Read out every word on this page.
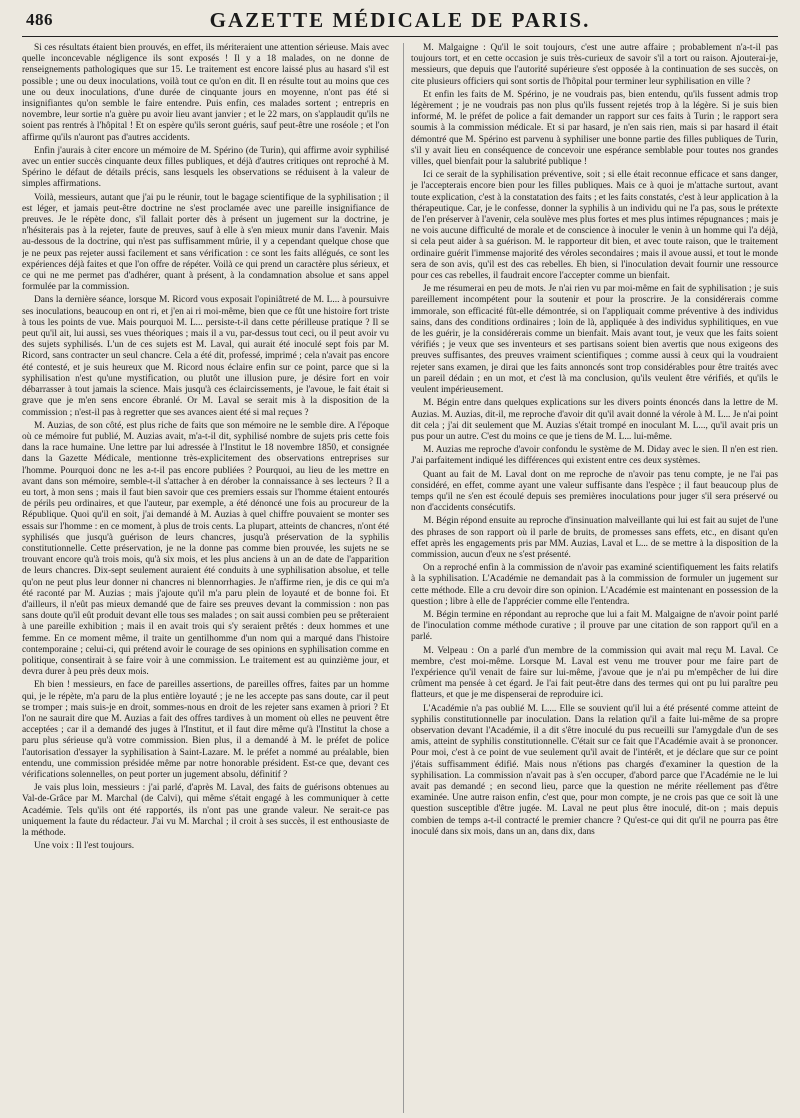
486	GAZETTE MÉDICALE DE PARIS.

Si ces résultats étaient bien prouvés, en effet, ils mériteraient une attention sérieuse. Mais avec quelle inconcevable négligence ils sont exposés ! Il y a 18 malades, on ne donne de renseignements pathologiques que sur 15. Le traitement est encore laissé plus au hasard s'il est possible ; une ou deux inoculations, voilà tout ce qu'on en dit. Il en résulte tout au moins que ces une ou deux inoculations, d'une durée de cinquante jours en moyenne, n'ont pas été si insignifiantes qu'on semble le faire entendre. Puis enfin, ces malades sortent ; entrepris en novembre, leur sortie n'a guère pu avoir lieu avant janvier ; et le 22 mars, on s'applaudit qu'ils ne soient pas rentrés à l'hôpital ! Et on espère qu'ils seront guéris, sauf peut-être une roséole ; et l'on affirme qu'ils n'auront pas d'autres accidents.

Enfin j'aurais à citer encore un mémoire de M. Spérino (de Turin), qui affirme avoir syphilisé avec un entier succès cinquante deux filles publiques, et déjà d'autres critiques ont reproché à M. Spérino le défaut de détails précis, sans lesquels les observations se réduisent à la valeur de simples affirmations.

Voilà, messieurs, autant que j'ai pu le réunir, tout le bagage scientifique de la syphilisation ; il est léger, et jamais peut-être doctrine ne s'est proclamée avec une pareille insignifiance de preuves. Je le répète donc, s'il fallait porter dès à présent un jugement sur la doctrine, je n'hésiterais pas à la rejeter, faute de preuves, sauf à elle à s'en mieux munir dans l'avenir. Mais au-dessous de la doctrine, qui n'est pas suffisamment mûrie, il y a cependant quelque chose que je ne peux pas rejeter aussi facilement et sans vérification : ce sont les faits allégués, ce sont les expériences déjà faites et que l'on offre de répéter. Voilà ce qui prend un caractère plus sérieux, et ce qui ne me permet pas d'adhérer, quant à présent, à la condamnation absolue et sans appel formulée par la commission.

Dans la dernière séance, lorsque M. Ricord vous exposait l'opiniâtreté de M. L... à poursuivre ses inoculations, beaucoup en ont ri, et j'en ai ri moi-même, bien que ce fût une histoire fort triste à tous les points de vue. Mais pourquoi M. L... persiste-t-il dans cette périlleuse pratique ? Il se peut qu'il ait, lui aussi, ses vues théoriques ; mais il a vu, par-dessus tout ceci, ou il peut avoir vu des sujets syphilisés. L'un de ces sujets est M. Laval, qui aurait été inoculé sept fois par M. Ricord, sans contracter un seul chancre. Cela a été dit, professé, imprimé ; cela n'avait pas encore été contesté, et je suis heureux que M. Ricord nous éclaire enfin sur ce point, parce que si la syphilisation n'est qu'une mystification, ou plutôt une illusion pure, je désire fort en voir débarrasser à tout jamais la science. Mais jusqu'à ces éclaircissements, je l'avoue, le fait était si grave que je m'en sens encore ébranlé. Or M. Laval se serait mis à la disposition de la commission ; n'est-il pas à regretter que ses avances aient été si mal reçues ?

M. Auzias, de son côté, est plus riche de faits que son mémoire ne le semble dire. A l'époque où ce mémoire fut publié, M. Auzias avait, m'a-t-il dit, syphilisé nombre de sujets pris cette fois dans la race humaine. Une lettre par lui adressée à l'Institut le 18 novembre 1850, et consignée dans la Gazette Médicale, mentionne très-explicitement des observations entreprises sur l'homme. Pourquoi donc ne les a-t-il pas encore publiées ? Pourquoi, au lieu de les mettre en avant dans son mémoire, semble-t-il s'attacher à en dérober la connaissance à ses lecteurs ? Il a eu tort, à mon sens ; mais il faut bien savoir que ces premiers essais sur l'homme étaient entourés de périls peu ordinaires, et que l'auteur, par exemple, a été dénoncé une fois au procureur de la République. Quoi qu'il en soit, j'ai demandé à M. Auzias à quel chiffre pouvaient se monter ses essais sur l'homme : en ce moment, à plus de trois cents. La plupart, atteints de chancres, n'ont été syphilisés que jusqu'à guérison de leurs chancres, jusqu'à préservation de la syphilis constitutionnelle. Cette préservation, je ne la donne pas comme bien prouvée, les sujets ne se trouvant encore qu'à trois mois, qu'à six mois, et les plus anciens à un an de date de l'apparition de leurs chancres. Dix-sept seulement auraient été conduits à une syphilisation absolue, et telle qu'on ne peut plus leur donner ni chancres ni blennorrhagies. Je n'affirme rien, je dis ce qui m'a été raconté par M. Auzias ; mais j'ajoute qu'il m'a paru plein de loyauté et de bonne foi. Et d'ailleurs, il n'eût pas mieux demandé que de faire ses preuves devant la commission : non pas sans doute qu'il eût produit devant elle tous ses malades ; on sait aussi combien peu se prêteraient à une pareille exhibition ; mais il en avait trois qui s'y seraient prêtés : deux hommes et une femme. En ce moment même, il traite un gentilhomme d'un nom qui a marqué dans l'histoire contemporaine ; celui-ci, qui prétend avoir le courage de ses opinions en syphilisation comme en politique, consentirait à se faire voir à une commission. Le traitement est au quinzième jour, et devra durer à peu près deux mois.

Eh bien ! messieurs, en face de pareilles assertions, de pareilles offres, faites par un homme qui, je le répète, m'a paru de la plus entière loyauté ; je ne les accepte pas sans doute, car il peut se tromper ; mais suis-je en droit, sommes-nous en droit de les rejeter sans examen à priori ? Et l'on ne saurait dire que M. Auzias a fait des offres tardives à un moment où elles ne peuvent être acceptées ; car il a demandé des juges à l'Institut, et il faut dire même qu'à l'Institut la chose a paru plus sérieuse qu'à votre commission. Bien plus, il a demandé à M. le préfet de police l'autorisation d'essayer la syphilisation à Saint-Lazare. M. le préfet a nommé au préalable, bien entendu, une commission présidée même par notre honorable président. Est-ce que, devant ces vérifications solennelles, on peut porter un jugement absolu, définitif ?

Je vais plus loin, messieurs : j'ai parlé, d'après M. Laval, des faits de guérisons obtenues au Val-de-Grâce par M. Marchal (de Calvi), qui même s'était engagé à les communiquer à cette Académie. Tels qu'ils ont été rapportés, ils n'ont pas une grande valeur. Ne serait-ce pas uniquement la faute du rédacteur. J'ai vu M. Marchal ; il croit à ses succès, il est enthousiaste de la méthode.

Une voix : Il l'est toujours.

M. Malgaigne : Qu'il le soit toujours, c'est une autre affaire ; probablement n'a-t-il pas toujours tort, et en cette occasion je suis très-curieux de savoir s'il a tort ou raison. Ajouterai-je, messieurs, que depuis que l'autorité supérieure s'est opposée à la continuation de ses succès, on cite plusieurs officiers qui sont sortis de l'hôpital pour terminer leur syphilisation en ville ?

Et enfin les faits de M. Spérino, je ne voudrais pas, bien entendu, qu'ils fussent admis trop légèrement ; je ne voudrais pas non plus qu'ils fussent rejetés trop à la légère. Si je suis bien informé, M. le préfet de police a fait demander un rapport sur ces faits à Turin ; le rapport sera soumis à la commission médicale. Et si par hasard, je n'en sais rien, mais si par hasard il était démontré que M. Spérino est parvenu à syphiliser une bonne partie des filles publiques de Turin, s'il y avait lieu en conséquence de concevoir une espérance semblable pour toutes nos grandes villes, quel bienfait pour la salubrité publique !

Ici ce serait de la syphilisation préventive, soit ; si elle était reconnue efficace et sans danger, je l'accepterais encore bien pour les filles publiques. Mais ce à quoi je m'attache surtout, avant toute explication, c'est à la constatation des faits ; et les faits constatés, c'est à leur application à la thérapeutique. Car, je le confesse, donner la syphilis à un individu qui ne l'a pas, sous le prétexte de l'en préserver à l'avenir, cela soulève mes plus fortes et mes plus intimes répugnances ; mais je ne vois aucune difficulté de morale et de conscience à inoculer le venin à un homme qui l'a déjà, si cela peut aider à sa guérison. M. le rapporteur dit bien, et avec toute raison, que le traitement ordinaire guérit l'immense majorité des véroles secondaires ; mais il avoue aussi, et tout le monde sera de son avis, qu'il est des cas rebelles. Eh bien, si l'inoculation devait fournir une ressource pour ces cas rebelles, il faudrait encore l'accepter comme un bienfait.

Je me résumerai en peu de mots. Je n'ai rien vu par moi-même en fait de syphilisation ; je suis pareillement incompétent pour la soutenir et pour la proscrire. Je la considérerais comme immorale, son efficacité fût-elle démontrée, si on l'appliquait comme préventive à des individus sains, dans des conditions ordinaires ; loin de là, appliquée à des individus syphilitiques, en vue de les guérir, je la considérerais comme un bienfait. Mais avant tout, je veux que les faits soient vérifiés ; je veux que ses inventeurs et ses partisans soient bien avertis que nous exigeons des preuves suffisantes, des preuves vraiment scientifiques ; comme aussi à ceux qui la voudraient rejeter sans examen, je dirai que les faits annoncés sont trop considérables pour être traités avec un pareil dédain ; en un mot, et c'est là ma conclusion, qu'ils veulent être vérifiés, et qu'ils le veulent impérieusement.

M. Bégin entre dans quelques explications sur les divers points énoncés dans la lettre de M. Auzias. M. Auzias, dit-il, me reproche d'avoir dit qu'il avait donné la vérole à M. L... Je n'ai point dit cela ; j'ai dit seulement que M. Auzias s'était trompé en inoculant M. L..., qu'il avait pris un pus pour un autre. C'est du moins ce que je tiens de M. L... lui-même.

M. Auzias me reproche d'avoir confondu le système de M. Diday avec le sien. Il n'en est rien. J'ai parfaitement indiqué les différences qui existent entre ces deux systèmes.

Quant au fait de M. Laval dont on me reproche de n'avoir pas tenu compte, je ne l'ai pas considéré, en effet, comme ayant une valeur suffisante dans l'espèce ; il faut beaucoup plus de temps qu'il ne s'en est écoulé depuis ses premières inoculations pour juger s'il sera préservé ou non d'accidents consécutifs.

M. Bégin répond ensuite au reproche d'insinuation malveillante qui lui est fait au sujet de l'une des phrases de son rapport où il parle de bruits, de promesses sans effets, etc., en disant qu'en effet après les engagements pris par MM. Auzias, Laval et L... de se mettre à la disposition de la commission, aucun d'eux ne s'est présenté.

On a reproché enfin à la commission de n'avoir pas examiné scientifiquement les faits relatifs à la syphilisation. L'Académie ne demandait pas à la commission de formuler un jugement sur cette méthode. Elle a cru devoir dire son opinion. L'Académie est maintenant en possession de la question ; libre à elle de l'apprécier comme elle l'entendra.

M. Bégin termine en répondant au reproche que lui a fait M. Malgaigne de n'avoir point parlé de l'inoculation comme méthode curative ; il prouve par une citation de son rapport qu'il en a parlé.

M. Velpeau : On a parlé d'un membre de la commission qui avait mal reçu M. Laval. Ce membre, c'est moi-même. Lorsque M. Laval est venu me trouver pour me faire part de l'expérience qu'il venait de faire sur lui-même, j'avoue que je n'ai pu m'empêcher de lui dire crûment ma pensée à cet égard. Je l'ai fait peut-être dans des termes qui ont pu lui paraître peu flatteurs, et que je me dispenserai de reproduire ici.

L'Académie n'a pas oublié M. L.... Elle se souvient qu'il lui a été présenté comme atteint de syphilis constitutionnelle par inoculation. Dans la relation qu'il a faite lui-même de sa propre observation devant l'Académie, il a dit s'être inoculé du pus recueilli sur l'amygdale d'un de ses amis, atteint de syphilis constitutionnelle. C'était sur ce fait que l'Académie avait à se prononcer. Pour moi, c'est à ce point de vue seulement qu'il avait de l'intérêt, et je déclare que sur ce point j'étais suffisamment édifié. Mais nous n'étions pas chargés d'examiner la question de la syphilisation. La commission n'avait pas à s'en occuper, d'abord parce que l'Académie ne le lui avait pas demandé ; en second lieu, parce que la question ne mérite réellement pas d'être examinée. Une autre raison enfin, c'est que, pour mon compte, je ne crois pas que ce soit là une question susceptible d'être jugée. M. Laval ne peut plus être inoculé, dit-on ; mais depuis combien de temps a-t-il contracté le premier chancre ? Qu'est-ce qui dit qu'il ne pourra pas être inoculé dans six mois, dans un an, dans dix, dans
